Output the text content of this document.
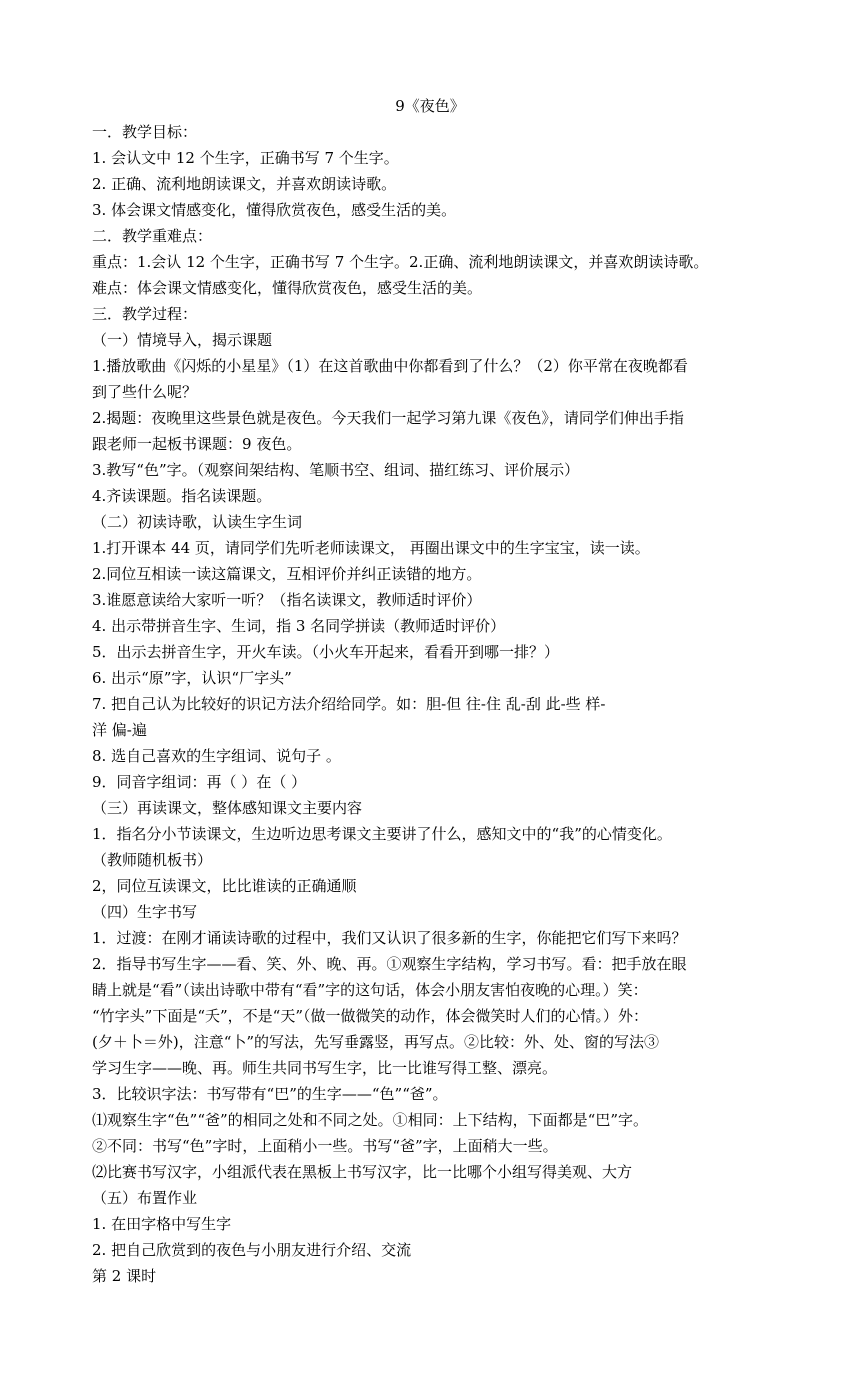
9《夜色》
一．教学目标：
1. 会认文中 12 个生字，正确书写 7 个生字。
2. 正确、流利地朗读课文，并喜欢朗读诗歌。
3. 体会课文情感变化，懂得欣赏夜色，感受生活的美。
二．教学重难点：
重点：1.会认 12 个生字，正确书写 7 个生字。2.正确、流利地朗读课文，并喜欢朗读诗歌。
难点：体会课文情感变化，懂得欣赏夜色，感受生活的美。
三．教学过程：
（一）情境导入，揭示课题
1.播放歌曲《闪烁的小星星》（1）在这首歌曲中你都看到了什么？（2）你平常在夜晚都看
到了些什么呢？
2.揭题：夜晚里这些景色就是夜色。今天我们一起学习第九课《夜色》，请同学们伸出手指
跟老师一起板书课题：9 夜色。
3.教写“色”字。（观察间架结构、笔顺书空、组词、描红练习、评价展示）
4.齐读课题。指名读课题。
（二）初读诗歌，认读生字生词
1.打开课本 44 页，请同学们先听老师读课文， 再圈出课文中的生字宝宝，读一读。
2.同位互相读一读这篇课文，互相评价并纠正读错的地方。
3.谁愿意读给大家听一听？（指名读课文，教师适时评价）
4. 出示带拼音生字、生词，指 3 名同学拼读（教师适时评价）
5．出示去拼音生字，开火车读。（小火车开起来，看看开到哪一排？）
6. 出示“原”字，认识“厂字头”
7. 把自己认为比较好的识记方法介绍给同学。如：胆-但 往-住 乱-刮 此-些 样-
洋 偏-遍
8. 选自己喜欢的生字组词、说句子 。
9．同音字组词：再（ ）在（ ）
（三）再读课文，整体感知课文主要内容
1．指名分小节读课文，生边听边思考课文主要讲了什么，感知文中的“我”的心情变化。
（教师随机板书）
2，同位互读课文，比比谁读的正确通顺
（四）生字书写
1．过渡：在刚才诵读诗歌的过程中，我们又认识了很多新的生字，你能把它们写下来吗？
2．指导书写生字——看、笑、外、晚、再。①观察生字结构，学习书写。看：把手放在眼
睛上就是“看”（读出诗歌中带有“看”字的这句话，体会小朋友害怕夜晚的心理。）笑：
“竹字头”下面是“夭”，不是“天”（做一做微笑的动作，体会微笑时人们的心情。）外：
(夕＋卜＝外)，注意“卜”的写法，先写垂露竖，再写点。②比较：外、处、窗的写法③
学习生字——晚、再。师生共同书写生字，比一比谁写得工整、漂亮。
3．比较识字法：书写带有“巴”的生字——“色”“爸”。
⑴观察生字“色”“爸”的相同之处和不同之处。①相同：上下结构，下面都是“巴”字。
②不同：书写“色”字时，上面稍小一些。书写“爸”字，上面稍大一些。
⑵比赛书写汉字，小组派代表在黑板上书写汉字，比一比哪个小组写得美观、大方
（五）布置作业
1. 在田字格中写生字
2. 把自己欣赏到的夜色与小朋友进行介绍、交流
第 2 课时
